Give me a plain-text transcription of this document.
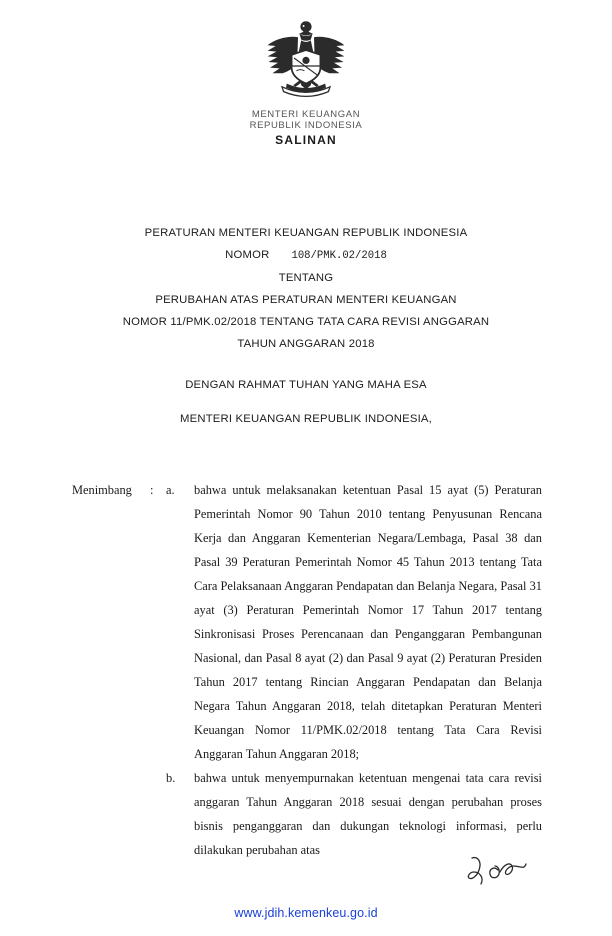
MENTERI KEUANGAN
REPUBLIK INDONESIA
SALINAN
PERATURAN MENTERI KEUANGAN REPUBLIK INDONESIA
NOMOR 108/PMK.02/2018
TENTANG
PERUBAHAN ATAS PERATURAN MENTERI KEUANGAN
NOMOR 11/PMK.02/2018 TENTANG TATA CARA REVISI ANGGARAN
TAHUN ANGGARAN 2018
DENGAN RAHMAT TUHAN YANG MAHA ESA
MENTERI KEUANGAN REPUBLIK INDONESIA,
Menimbang	:	a.	bahwa untuk melaksanakan ketentuan Pasal 15 ayat (5) Peraturan Pemerintah Nomor 90 Tahun 2010 tentang Penyusunan Rencana Kerja dan Anggaran Kementerian Negara/Lembaga, Pasal 38 dan Pasal 39 Peraturan Pemerintah Nomor 45 Tahun 2013 tentang Tata Cara Pelaksanaan Anggaran Pendapatan dan Belanja Negara, Pasal 31 ayat (3) Peraturan Pemerintah Nomor 17 Tahun 2017 tentang Sinkronisasi Proses Perencanaan dan Penganggaran Pembangunan Nasional, dan Pasal 8 ayat (2) dan Pasal 9 ayat (2) Peraturan Presiden Tahun 2017 tentang Rincian Anggaran Pendapatan dan Belanja Negara Tahun Anggaran 2018, telah ditetapkan Peraturan Menteri Keuangan Nomor 11/PMK.02/2018 tentang Tata Cara Revisi Anggaran Tahun Anggaran 2018;
b.	bahwa untuk menyempurnakan ketentuan mengenai tata cara revisi anggaran Tahun Anggaran 2018 sesuai dengan perubahan proses bisnis penganggaran dan dukungan teknologi informasi, perlu dilakukan perubahan atas
www.jdih.kemenkeu.go.id
